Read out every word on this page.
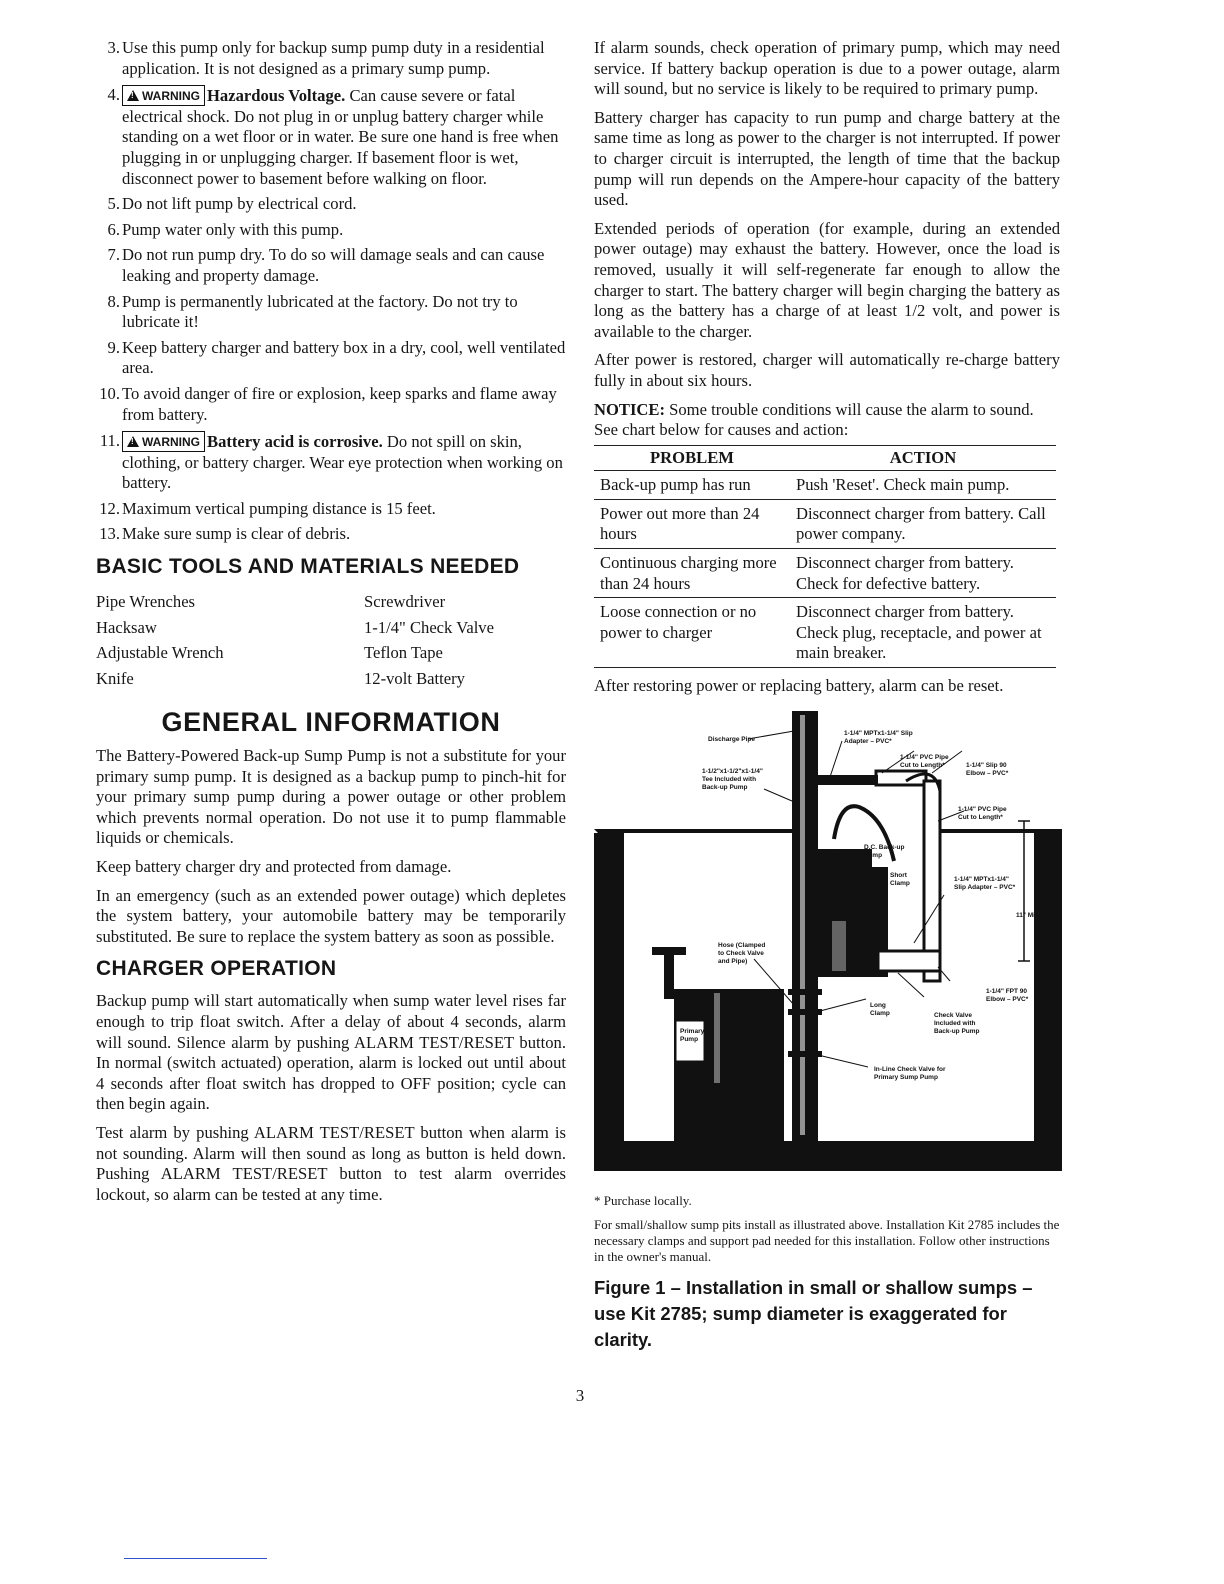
3. Use this pump only for backup sump pump duty in a residential application. It is not designed as a primary sump pump.
4. ! WARNING Hazardous Voltage. Can cause severe or fatal electrical shock. Do not plug in or unplug battery charger while standing on a wet floor or in water. Be sure one hand is free when plugging in or unplugging charger. If basement floor is wet, disconnect power to basement before walking on floor.
5. Do not lift pump by electrical cord.
6. Pump water only with this pump.
7. Do not run pump dry. To do so will damage seals and can cause leaking and property damage.
8. Pump is permanently lubricated at the factory. Do not try to lubricate it!
9. Keep battery charger and battery box in a dry, cool, well ventilated area.
10. To avoid danger of fire or explosion, keep sparks and flame away from battery.
11. ! WARNING Battery acid is corrosive. Do not spill on skin, clothing, or battery charger. Wear eye protection when working on battery.
12. Maximum vertical pumping distance is 15 feet.
13. Make sure sump is clear of debris.
BASIC TOOLS AND MATERIALS NEEDED
Pipe Wrenches	Screwdriver
Hacksaw	1-1/4" Check Valve
Adjustable Wrench	Teflon Tape
Knife	12-volt Battery
GENERAL INFORMATION

The Battery-Powered Back-up Sump Pump is not a substitute for your primary sump pump. It is designed as a backup pump to pinch-hit for your primary sump pump during a power outage or other problem which prevents normal operation. Do not use it to pump flammable liquids or chemicals.

Keep battery charger dry and protected from damage.

In an emergency (such as an extended power outage) which depletes the system battery, your automobile battery may be temporarily substituted. Be sure to replace the system battery as soon as possible.

CHARGER OPERATION

Backup pump will start automatically when sump water level rises far enough to trip float switch. After a delay of about 4 seconds, alarm will sound. Silence alarm by pushing ALARM TEST/RESET button. In normal (switch actuated) operation, alarm is locked out until about 4 seconds after float switch has dropped to OFF position; cycle can then begin again.

Test alarm by pushing ALARM TEST/RESET button when alarm is not sounding. Alarm will then sound as long as button is held down. Pushing ALARM TEST/RESET button to test alarm overrides lockout, so alarm can be tested at any time.

If alarm sounds, check operation of primary pump, which may need service. If battery backup operation is due to a power outage, alarm will sound, but no service is likely to be required to primary pump.

Battery charger has capacity to run pump and charge battery at the same time as long as power to the charger is not interrupted. If power to charger circuit is interrupted, the length of time that the backup pump will run depends on the Ampere-hour capacity of the battery used.

Extended periods of operation (for example, during an extended power outage) may exhaust the battery. However, once the load is removed, usually it will self-regenerate far enough to allow the charger to start. The battery charger will begin charging the battery as long as the battery has a charge of at least 1/2 volt, and power is available to the charger.

After power is restored, charger will automatically re-charge battery fully in about six hours.

NOTICE: Some trouble conditions will cause the alarm to sound. See chart below for causes and action:

PROBLEM	ACTION
Back-up pump has run	Push 'Reset'. Check main pump.
Power out more than 24 hours	Disconnect charger from battery. Call power company.
Continuous charging more than 24 hours	Disconnect charger from battery. Check for defective battery.
Loose connection or no power to charger	Disconnect charger from battery. Check plug, receptacle, and power at main breaker.

After restoring power or replacing battery, alarm can be reset.

Discharge Pipe
1-1/2"x1-1/2"x1-1/4"
Tee Included with
Back-up Pump
1-1/4" MPTx1-1/4" Slip
Adapter – PVC*
1-1/4" PVC Pipe
Cut to Length*	1-1/4" Slip 90
Elbow – PVC*
1-1/4" PVC Pipe
Cut to Length*
Pad
D.C. Back-up
Pump
Short
Clamp
1-1/4" MPTx1-1/4"
Slip Adapter – PVC*
11" Min.
Hose (Clamped
to Check Valve
and Pipe)
1-1/4" FPT 90
Elbow – PVC*
Long
Clamp	Check Valve
Included with
Back-up Pump
Primary
Pump
In-Line Check Valve for
Primary Sump Pump
108 0003

* Purchase locally.

For small/shallow sump pits install as illustrated above. Installation Kit 2785 includes the necessary clamps and support pad needed for this installation. Follow other instructions in the owner's manual.

Figure 1 – Installation in small or shallow sumps – use Kit 2785; sump diameter is exaggerated for clarity.

3
